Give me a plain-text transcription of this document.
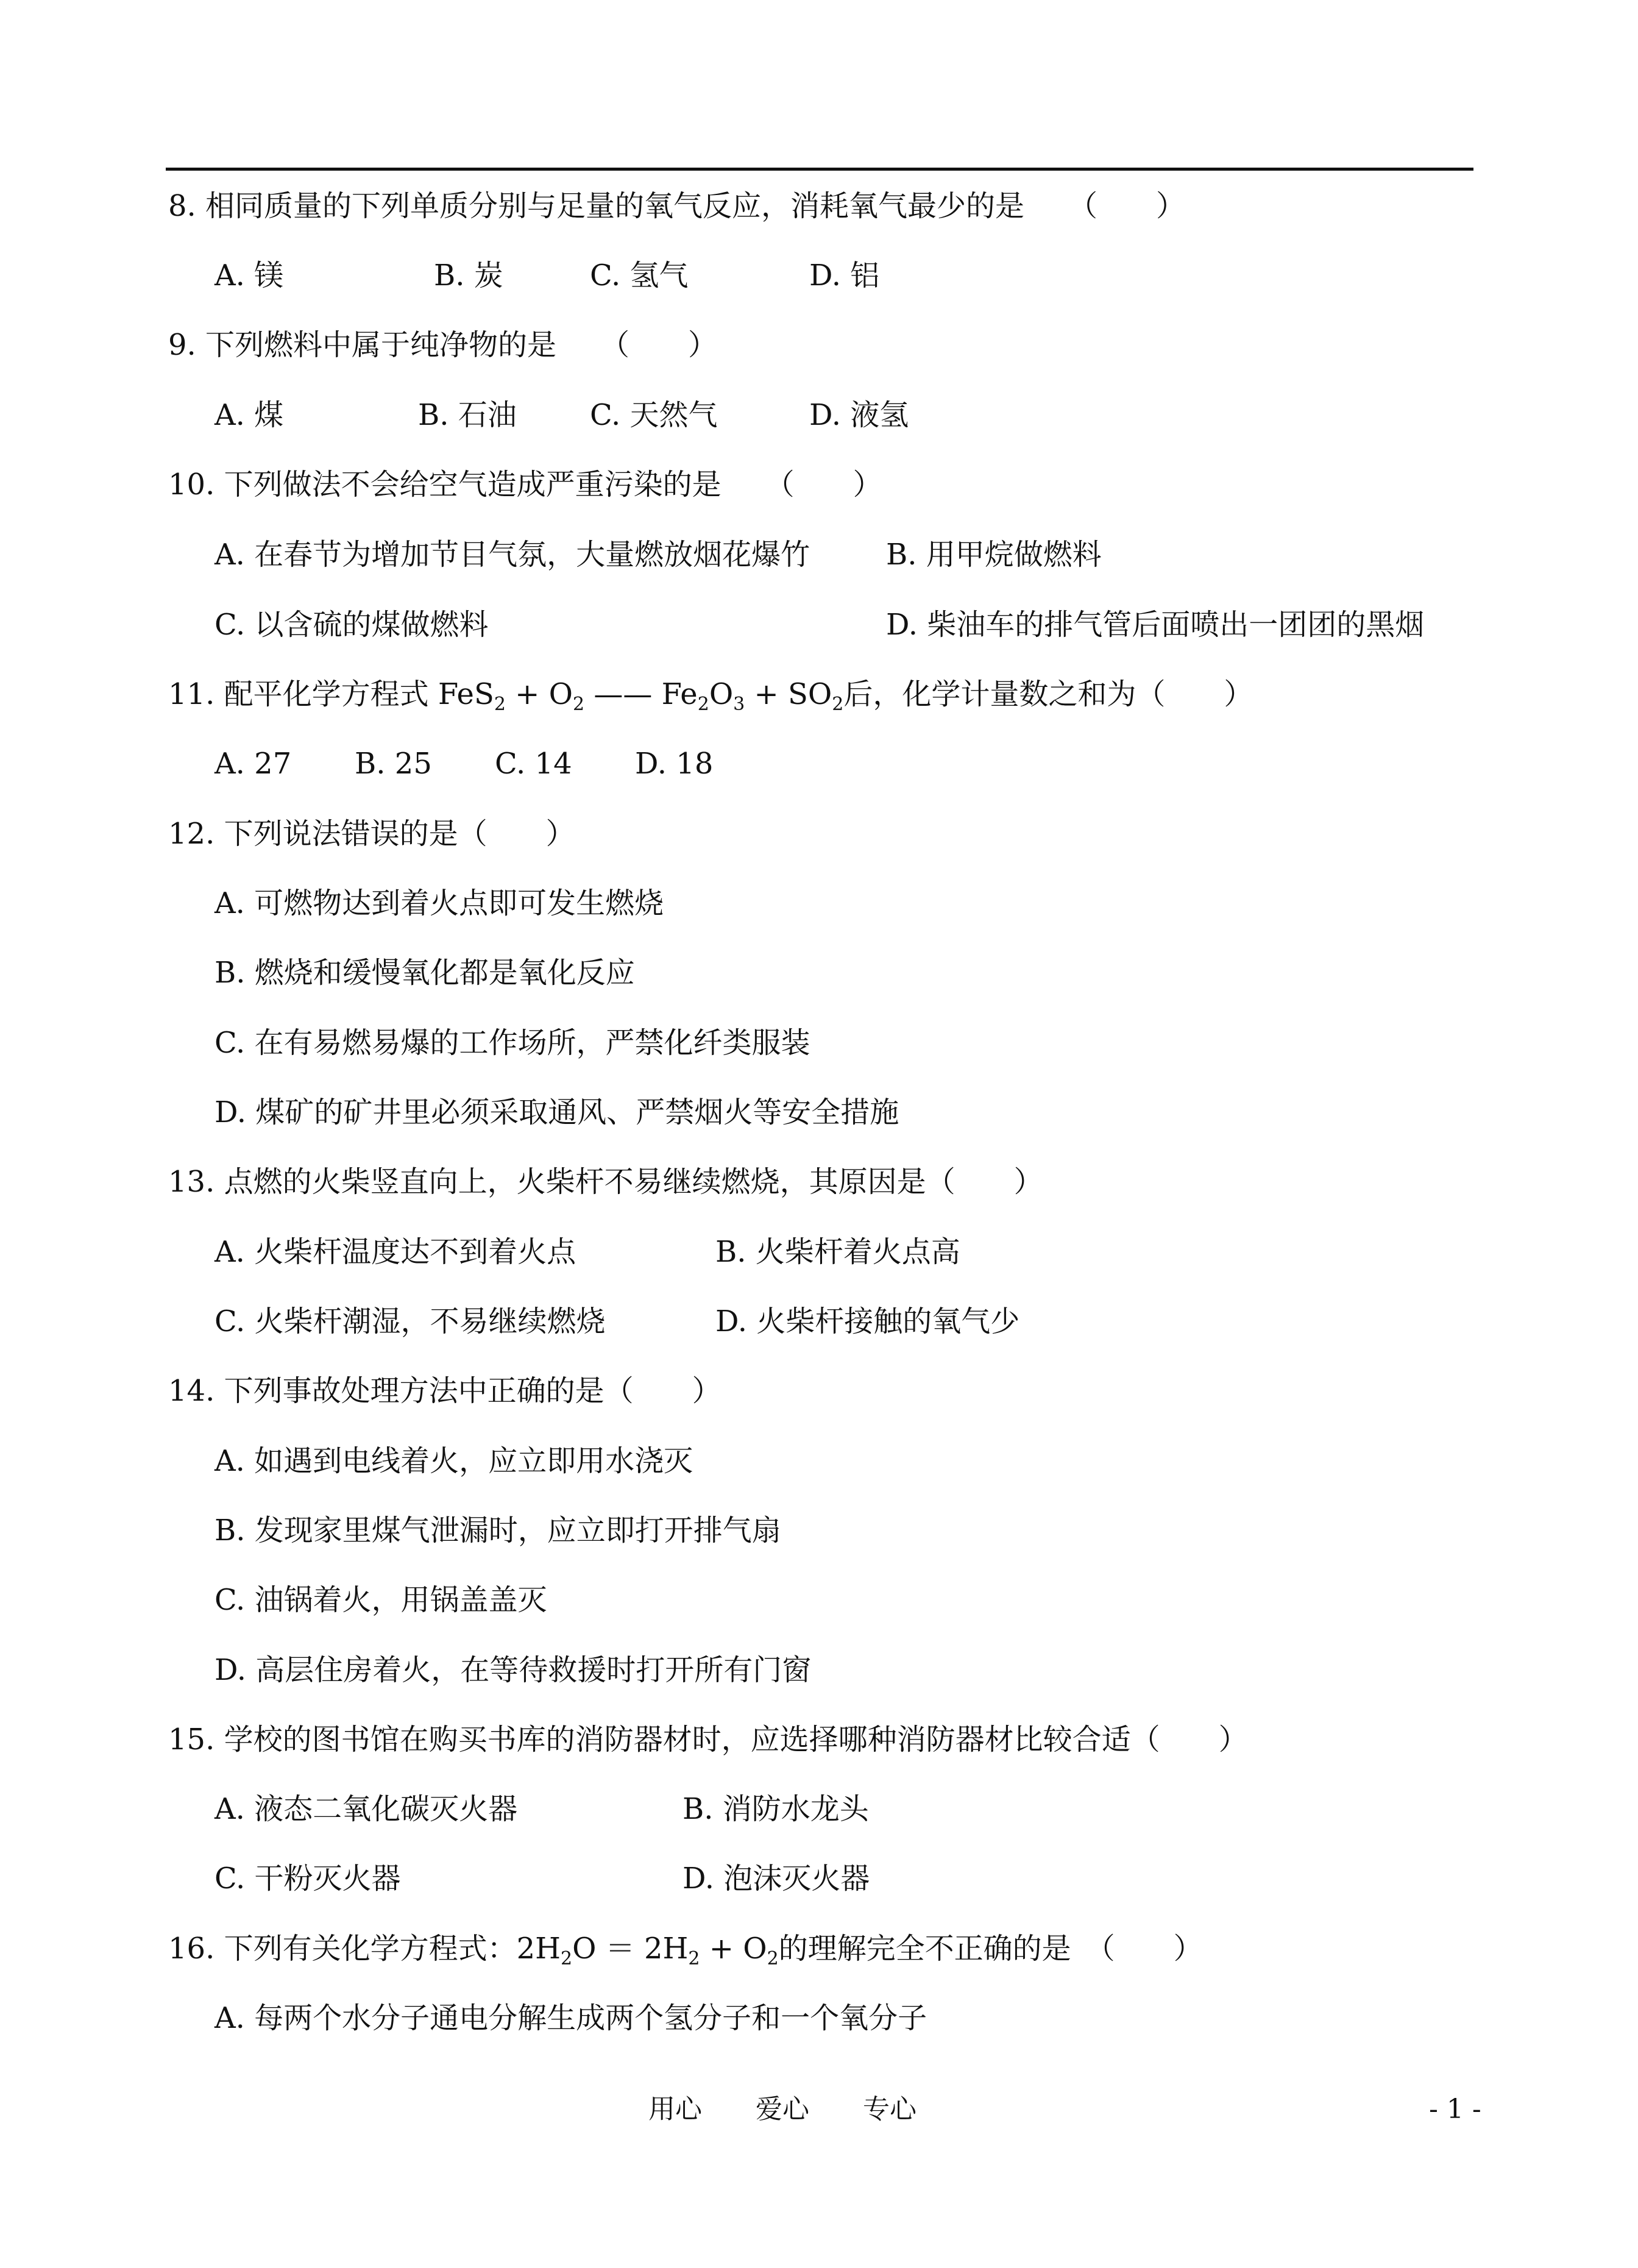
8. 相同质量的下列单质分别与足量的氧气反应，消耗氧气最少的是　　（　　）
A. 镁	B. 炭	C. 氢气	D. 铝
9. 下列燃料中属于纯净物的是　　（　　）
A. 煤	B. 石油	C. 天然气	D. 液氢
10. 下列做法不会给空气造成严重污染的是　　（　　）
A. 在春节为增加节目气氛，大量燃放烟花爆竹	B. 用甲烷做燃料
C. 以含硫的煤做燃料	D. 柴油车的排气管后面喷出一团团的黑烟
11. 配平化学方程式 $FeS_2 + O_2$ —— $Fe_2O_3 + SO_2$后，化学计量数之和为（　　）
A. 27 B. 25 C. 14 D. 18
12. 下列说法错误的是（　　）
A. 可燃物达到着火点即可发生燃烧
B. 燃烧和缓慢氧化都是氧化反应
C. 在有易燃易爆的工作场所，严禁化纤类服装
D. 煤矿的矿井里必须采取通风、严禁烟火等安全措施
13. 点燃的火柴竖直向上，火柴杆不易继续燃烧，其原因是（　　）
A. 火柴杆温度达不到着火点	B. 火柴杆着火点高
C. 火柴杆潮湿，不易继续燃烧	D. 火柴杆接触的氧气少
14. 下列事故处理方法中正确的是（　　）
A. 如遇到电线着火，应立即用水浇灭
B. 发现家里煤气泄漏时，应立即打开排气扇
C. 油锅着火，用锅盖盖灭
D. 高层住房着火，在等待救援时打开所有门窗
15. 学校的图书馆在购买书库的消防器材时，应选择哪种消防器材比较合适（　　）
A. 液态二氧化碳灭火器	B. 消防水龙头
C. 干粉灭火器	D. 泡沫灭火器
16. 下列有关化学方程式：$2H_2O = 2H_2 + O_2$的理解完全不正确的是　（　　）
A. 每两个水分子通电分解生成两个氢分子和一个氧分子
用心　　爱心　　专心	- 1 -
